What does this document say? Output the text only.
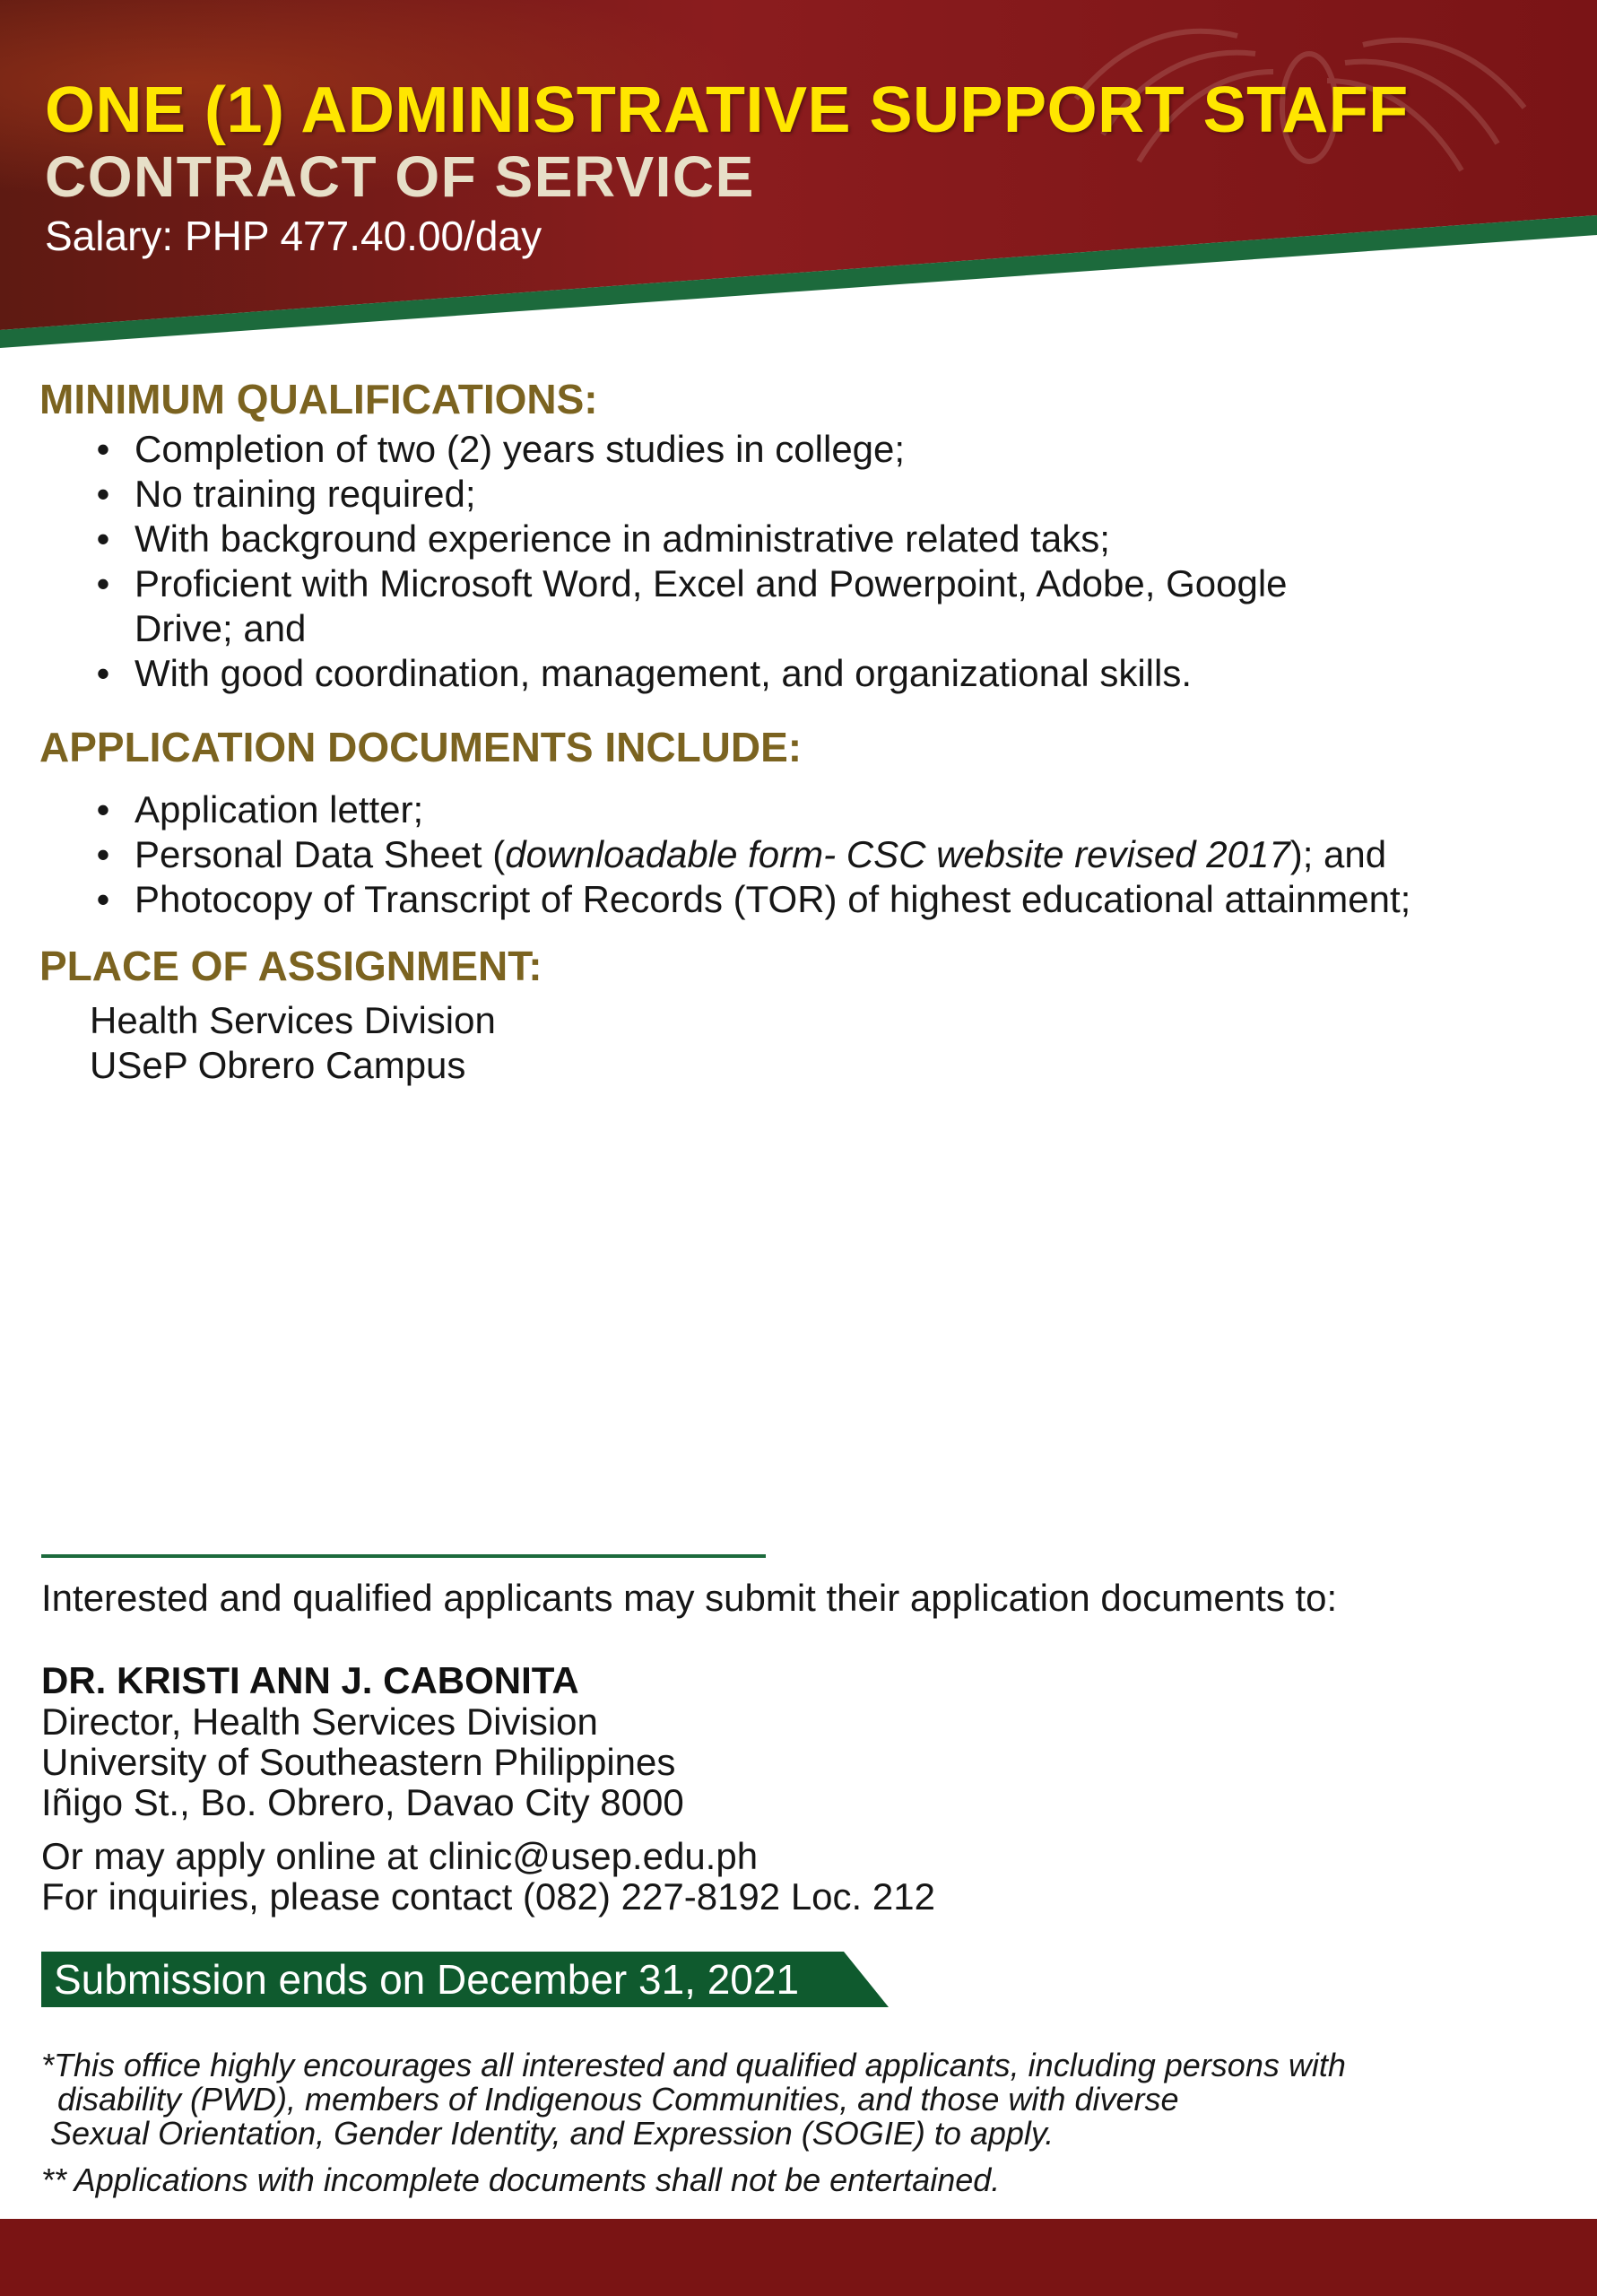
ONE (1) ADMINISTRATIVE SUPPORT STAFF
CONTRACT OF SERVICE
Salary: PHP 477.40.00/day
MINIMUM QUALIFICATIONS:
• Completion of two (2) years studies in college;
• No training required;
• With background experience in administrative related taks;
• Proficient with Microsoft Word, Excel and Powerpoint, Adobe, Google Drive; and
• With good coordination, management, and organizational skills.
APPLICATION DOCUMENTS INCLUDE:
• Application letter;
• Personal Data Sheet (downloadable form- CSC website revised 2017); and
• Photocopy of Transcript of Records (TOR) of highest educational attainment;
PLACE OF ASSIGNMENT:
Health Services Division
USeP Obrero Campus
Interested and qualified applicants may submit their application documents to:
DR. KRISTI ANN J. CABONITA
Director, Health Services Division
University of Southeastern Philippines
Iñigo St., Bo. Obrero, Davao City 8000
Or may apply online at clinic@usep.edu.ph
For inquiries, please contact (082) 227-8192 Loc. 212
Submission ends on December 31, 2021
*This office highly encourages all interested and qualified applicants, including persons with
disability (PWD), members of Indigenous Communities, and those with diverse
Sexual Orientation, Gender Identity, and Expression (SOGIE) to apply.
** Applications with incomplete documents shall not be entertained.
